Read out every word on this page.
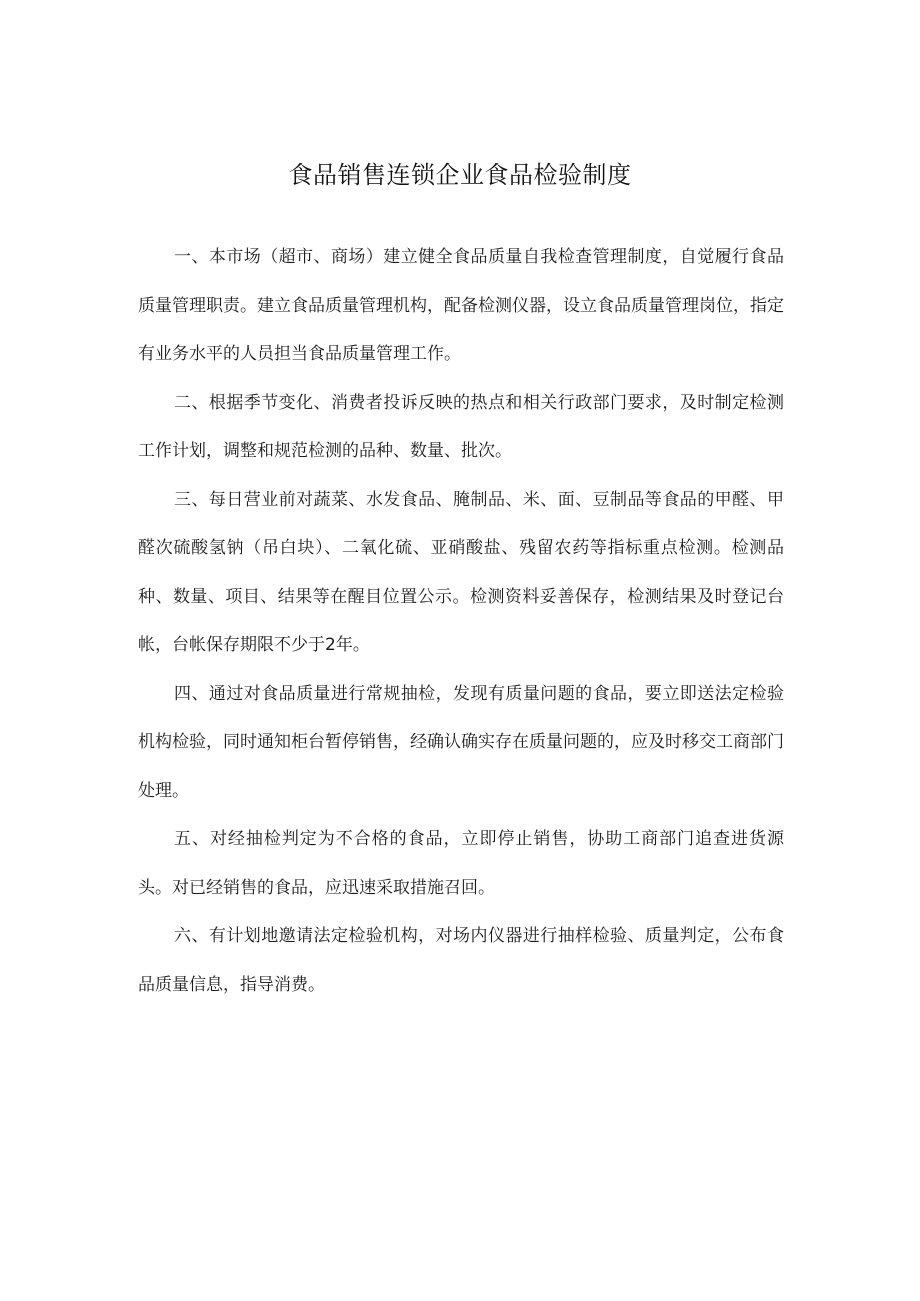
食品销售连锁企业食品检验制度

一、本市场（超市、商场）建立健全食品质量自我检查管理制度，自觉履行食品质量管理职责。建立食品质量管理机构，配备检测仪器，设立食品质量管理岗位，指定有业务水平的人员担当食品质量管理工作。

二、根据季节变化、消费者投诉反映的热点和相关行政部门要求，及时制定检测工作计划，调整和规范检测的品种、数量、批次。

三、每日营业前对蔬菜、水发食品、腌制品、米、面、豆制品等食品的甲醛、甲醛次硫酸氢钠（吊白块）、二氧化硫、亚硝酸盐、残留农药等指标重点检测。检测品种、数量、项目、结果等在醒目位置公示。检测资料妥善保存，检测结果及时登记台帐，台帐保存期限不少于2年。

四、通过对食品质量进行常规抽检，发现有质量问题的食品，要立即送法定检验机构检验，同时通知柜台暂停销售，经确认确实存在质量问题的，应及时移交工商部门处理。

五、对经抽检判定为不合格的食品，立即停止销售，协助工商部门追查进货源头。对已经销售的食品，应迅速采取措施召回。

六、有计划地邀请法定检验机构，对场内仪器进行抽样检验、质量判定，公布食品质量信息，指导消费。
